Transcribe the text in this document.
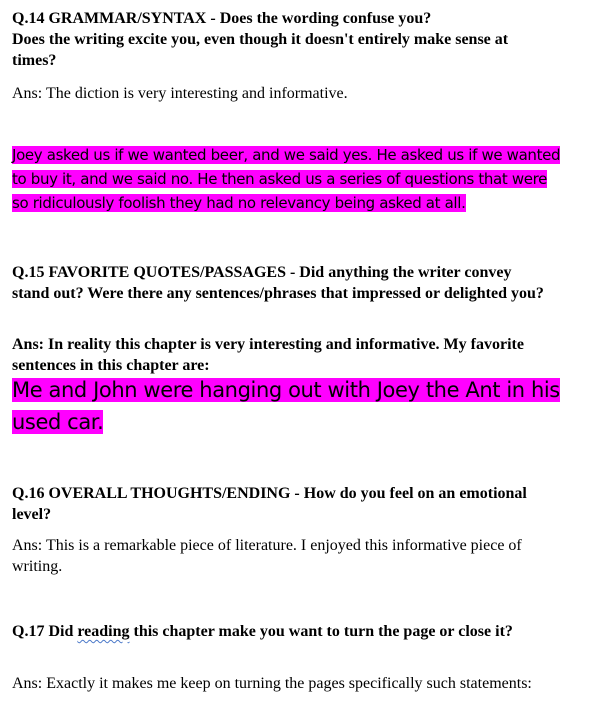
Q.14 GRAMMAR/SYNTAX - Does the wording confuse you?
Does the writing excite you, even though it doesn't entirely make sense at
times?
Ans: The diction is very interesting and informative.
Joey asked us if we wanted beer, and we said yes. He asked us if we wanted
to buy it, and we said no. He then asked us a series of questions that were
so ridiculously foolish they had no relevancy being asked at all.
Q.15 FAVORITE QUOTES/PASSAGES - Did anything the writer convey
stand out? Were there any sentences/phrases that impressed or delighted you?
Ans: In reality this chapter is very interesting and informative. My favorite
sentences in this chapter are:
Me and John were hanging out with Joey the Ant in his
used car.
Q.16 OVERALL THOUGHTS/ENDING - How do you feel on an emotional
level?
Ans: This is a remarkable piece of literature. I enjoyed this informative piece of
writing.
Q.17 Did reading this chapter make you want to turn the page or close it?
Ans: Exactly it makes me keep on turning the pages specifically such statements:
